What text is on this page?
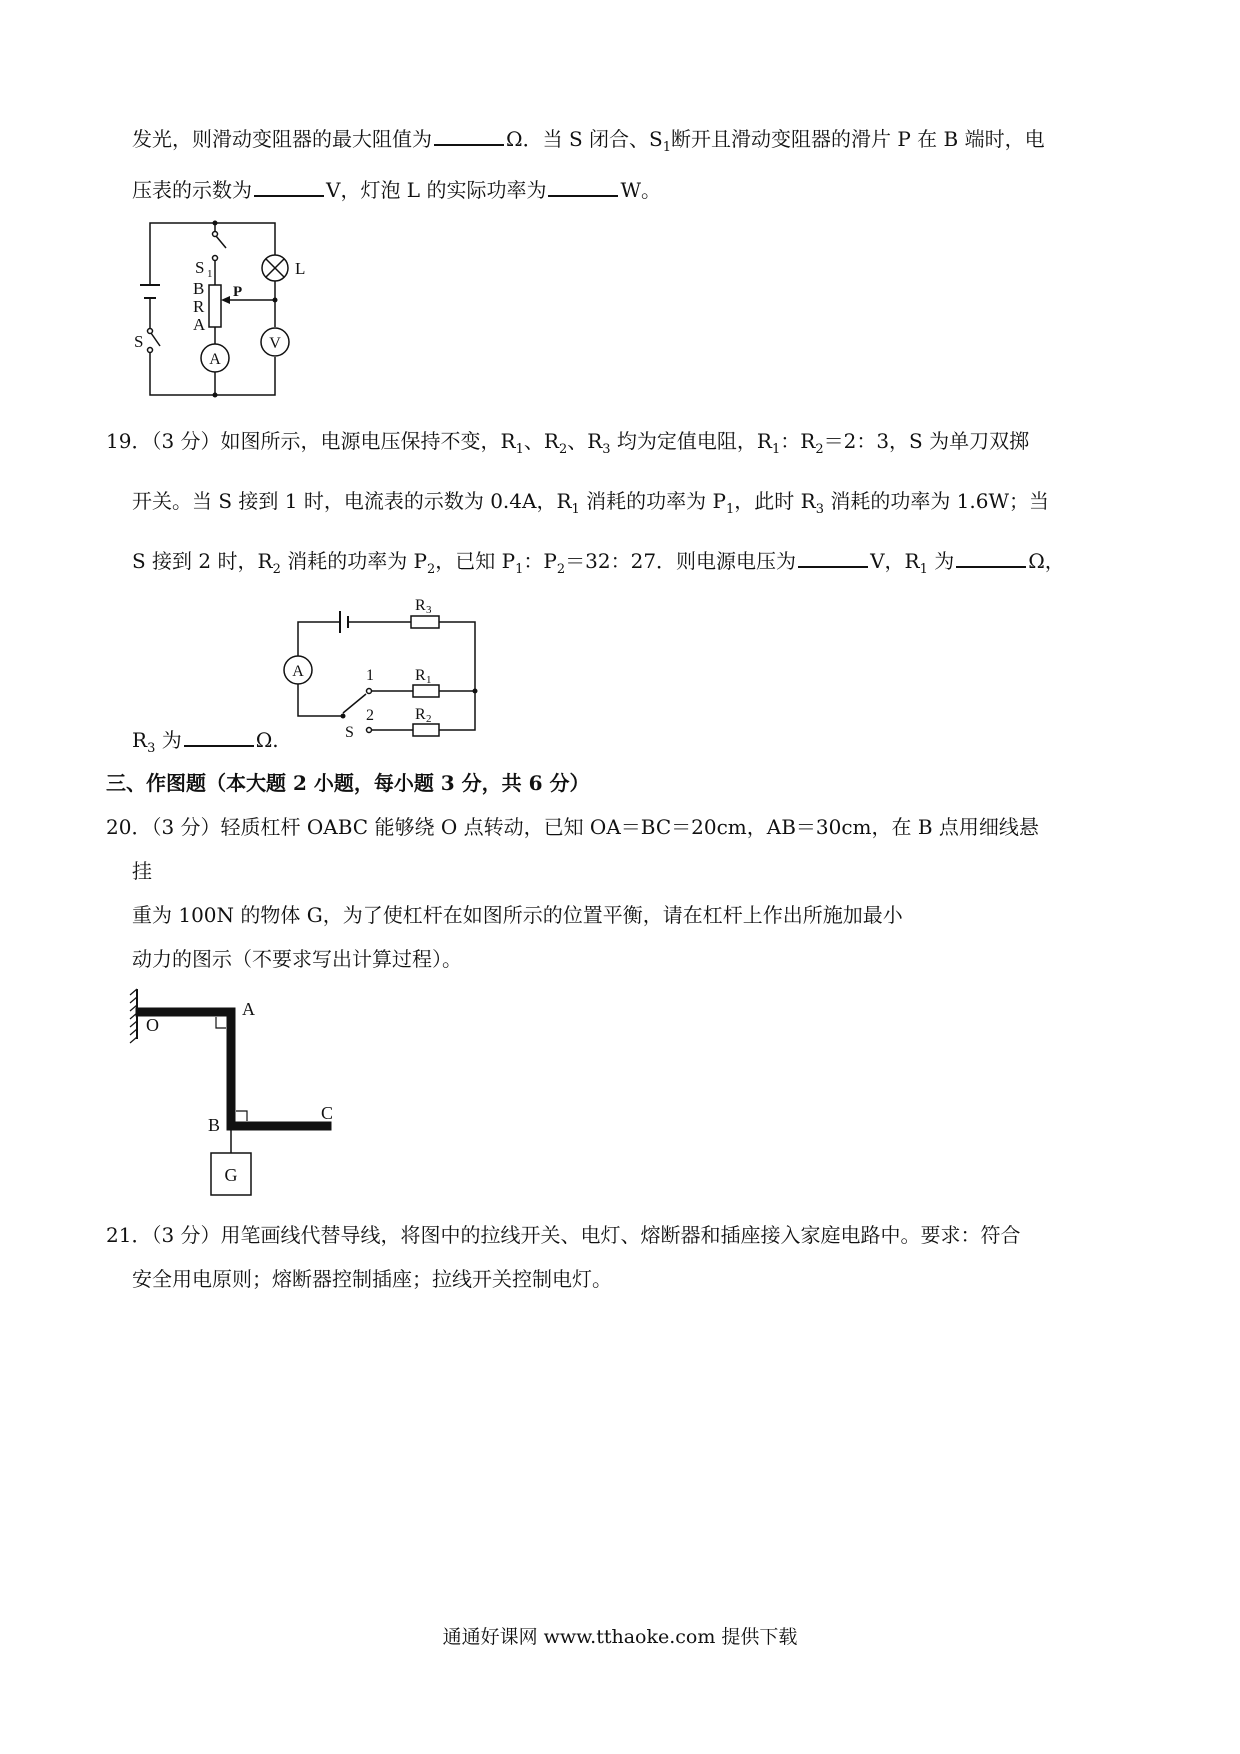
发光，则滑动变阻器的最大阻值为	Ω．当 S 闭合、$S_1$断开且滑动变阻器的滑片 P 在 B 端时，电
压表的示数为	V，灯泡 L 的实际功率为	W。
S 1
B
R
A
P
L
S
A
V
19．（3 分）如图所示，电源电压保持不变，$R_1$、$R_2$、$R_3$ 均为定值电阻，$R_1$：$R_2=2$：3，S 为单刀双掷
开关。当 S 接到 1 时，电流表的示数为 0.4A，$R_1$ 消耗的功率为 $P_1$，此时 $R_3$ 消耗的功率为 1.6W；当
S 接到 2 时，$R_2$ 消耗的功率为 $P_2$，已知 $P_1$：$P_2=32$：27．则电源电压为	V，$R_1$ 为	Ω，
$R_3$ 为	Ω.
R 3
R 1
R 2
A	1
2
S
三、作图题（本大题 2 小题，每小题 3 分，共 6 分）
20．（3 分）轻质杠杆 OABC 能够绕 O 点转动，已知 OA＝BC＝20cm，AB＝30cm，在 B 点用细线悬
挂
重为 100N 的物体 G，为了使杠杆在如图所示的位置平衡，请在杠杆上作出所施加最小
动力的图示（不要求写出计算过程）。
G
O
A
B
C
21．（3 分）用笔画线代替导线，将图中的拉线开关、电灯、熔断器和插座接入家庭电路中。要求：符合
安全用电原则；熔断器控制插座；拉线开关控制电灯。
通通好课网 www.tthaoke.com 提供下载
